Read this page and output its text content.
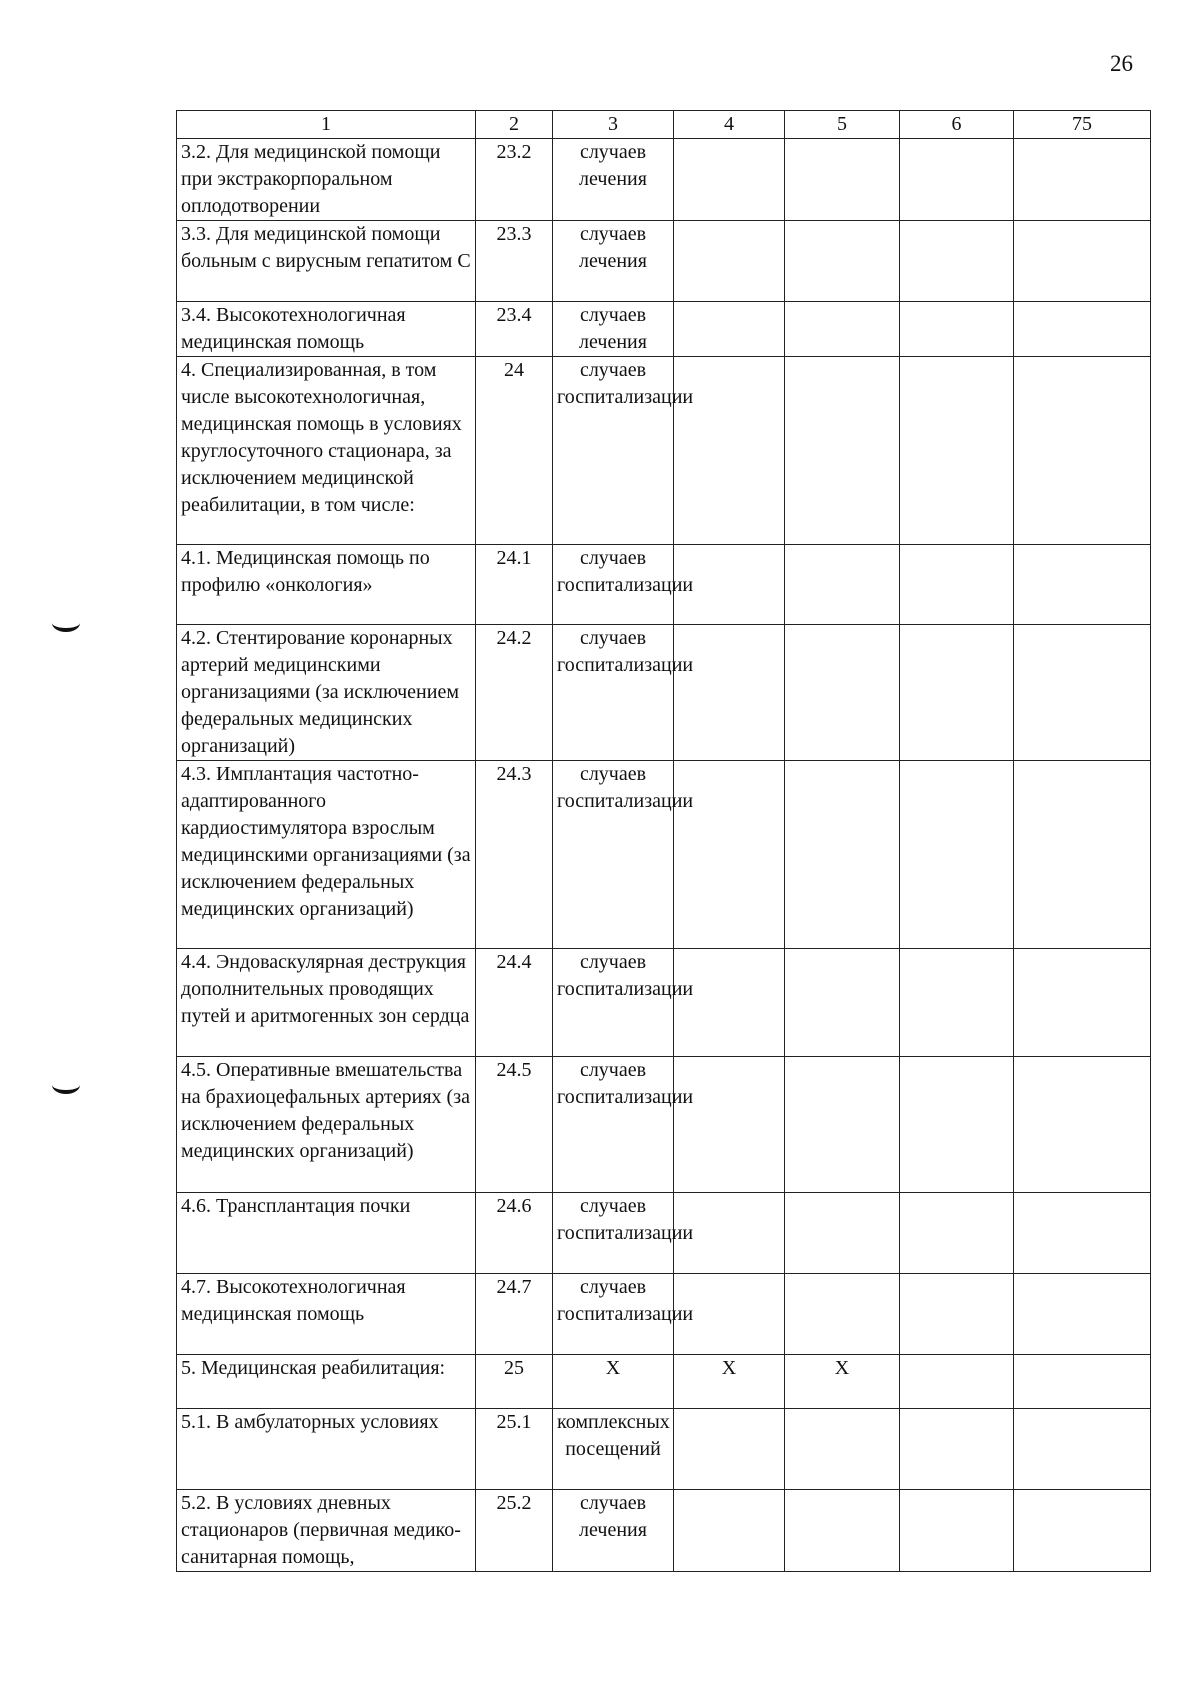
26
1	2	3	4	5	6	75
3.2. Для медицинской помощи при экстракорпоральном оплодотворении	23.2	случаев лечения				
3.3. Для медицинской помощи больным с вирусным гепатитом С	23.3	случаев лечения				
3.4. Высокотехнологичная медицинская помощь	23.4	случаев лечения				
4. Специализированная, в том числе высокотехнологичная, медицинская помощь в условиях круглосуточного стационара, за исключением медицинской реабилитации, в том числе:	24	случаев госпитализации				
4.1. Медицинская помощь по профилю «онкология»	24.1	случаев госпитализации				
4.2. Стентирование коронарных артерий медицинскими организациями (за исключением федеральных медицинских организаций)	24.2	случаев госпитализации				
4.3. Имплантация частотно-адаптированного кардиостимулятора взрослым медицинскими организациями (за исключением федеральных медицинских организаций)	24.3	случаев госпитализации				
4.4. Эндоваскулярная деструкция дополнительных проводящих путей и аритмогенных зон сердца	24.4	случаев госпитализации				
4.5. Оперативные вмешательства на брахиоцефальных артериях (за исключением федеральных медицинских организаций)	24.5	случаев госпитализации				
4.6. Трансплантация почки	24.6	случаев госпитализации				
4.7. Высокотехнологичная медицинская помощь	24.7	случаев госпитализации				
5. Медицинская реабилитация:	25	X	X	X		
5.1. В амбулаторных условиях	25.1	комплексных посещений				
5.2. В условиях дневных стационаров (первичная медико-санитарная помощь,	25.2	случаев лечения				
